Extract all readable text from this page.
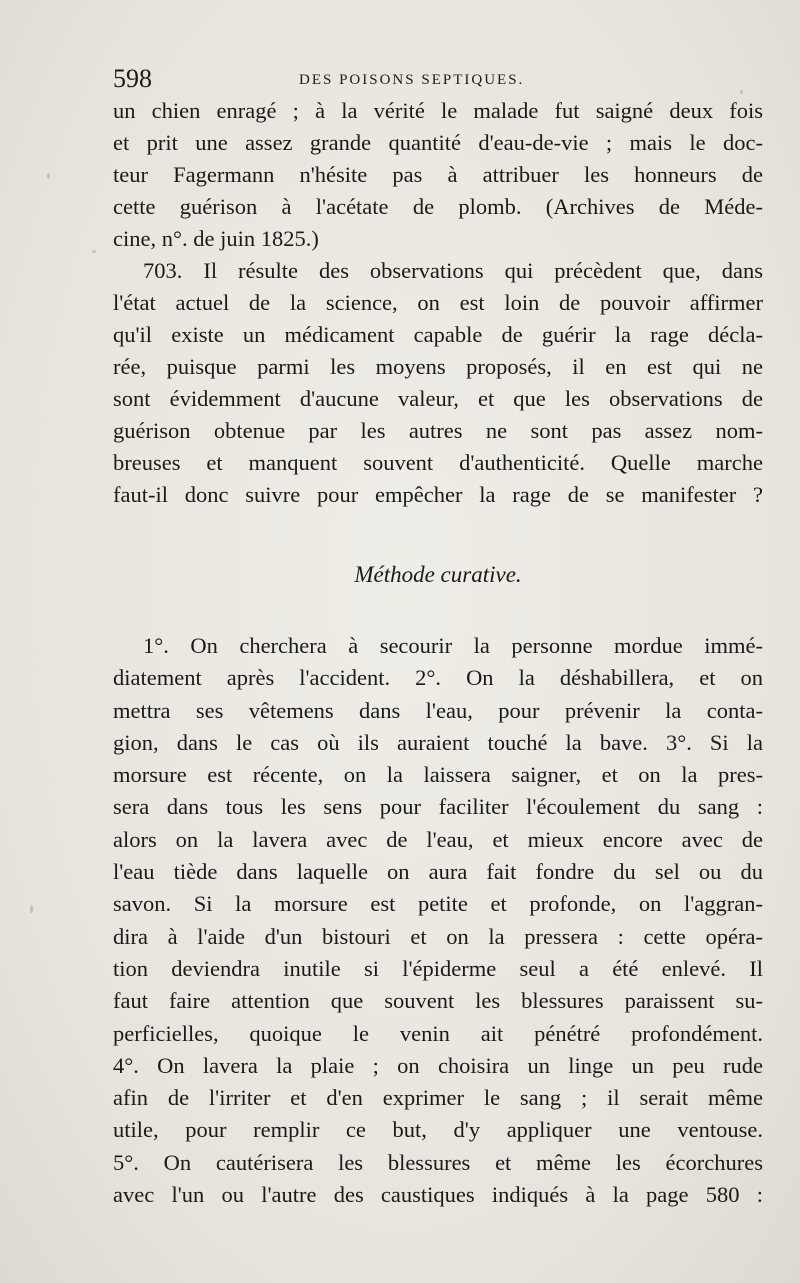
598	DES POISONS SEPTIQUES.
un chien enragé ; à la vérité le malade fut saigné deux fois
et prit une assez grande quantité d'eau-de-vie ; mais le doc-
teur Fagermann n'hésite pas à attribuer les honneurs de
cette guérison à l'acétate de plomb. (Archives de Méde-
cine, n°. de juin 1825.)
703. Il résulte des observations qui précèdent que, dans
l'état actuel de la science, on est loin de pouvoir affirmer
qu'il existe un médicament capable de guérir la rage décla-
rée, puisque parmi les moyens proposés, il en est qui ne
sont évidemment d'aucune valeur, et que les observations de
guérison obtenue par les autres ne sont pas assez nom-
breuses et manquent souvent d'authenticité. Quelle marche
faut-il donc suivre pour empêcher la rage de se manifester ?
Méthode curative.
1°. On cherchera à secourir la personne mordue immé-
diatement après l'accident. 2°. On la déshabillera, et on
mettra ses vêtemens dans l'eau, pour prévenir la conta-
gion, dans le cas où ils auraient touché la bave. 3°. Si la
morsure est récente, on la laissera saigner, et on la pres-
sera dans tous les sens pour faciliter l'écoulement du sang :
alors on la lavera avec de l'eau, et mieux encore avec de
l'eau tiède dans laquelle on aura fait fondre du sel ou du
savon. Si la morsure est petite et profonde, on l'aggran-
dira à l'aide d'un bistouri et on la pressera : cette opéra-
tion deviendra inutile si l'épiderme seul a été enlevé. Il
faut faire attention que souvent les blessures paraissent su-
perficielles, quoique le venin ait pénétré profondément.
4°. On lavera la plaie ; on choisira un linge un peu rude
afin de l'irriter et d'en exprimer le sang ; il serait même
utile, pour remplir ce but, d'y appliquer une ventouse.
5°. On cautérisera les blessures et même les écorchures
avec l'un ou l'autre des caustiques indiqués à la page 580 :
